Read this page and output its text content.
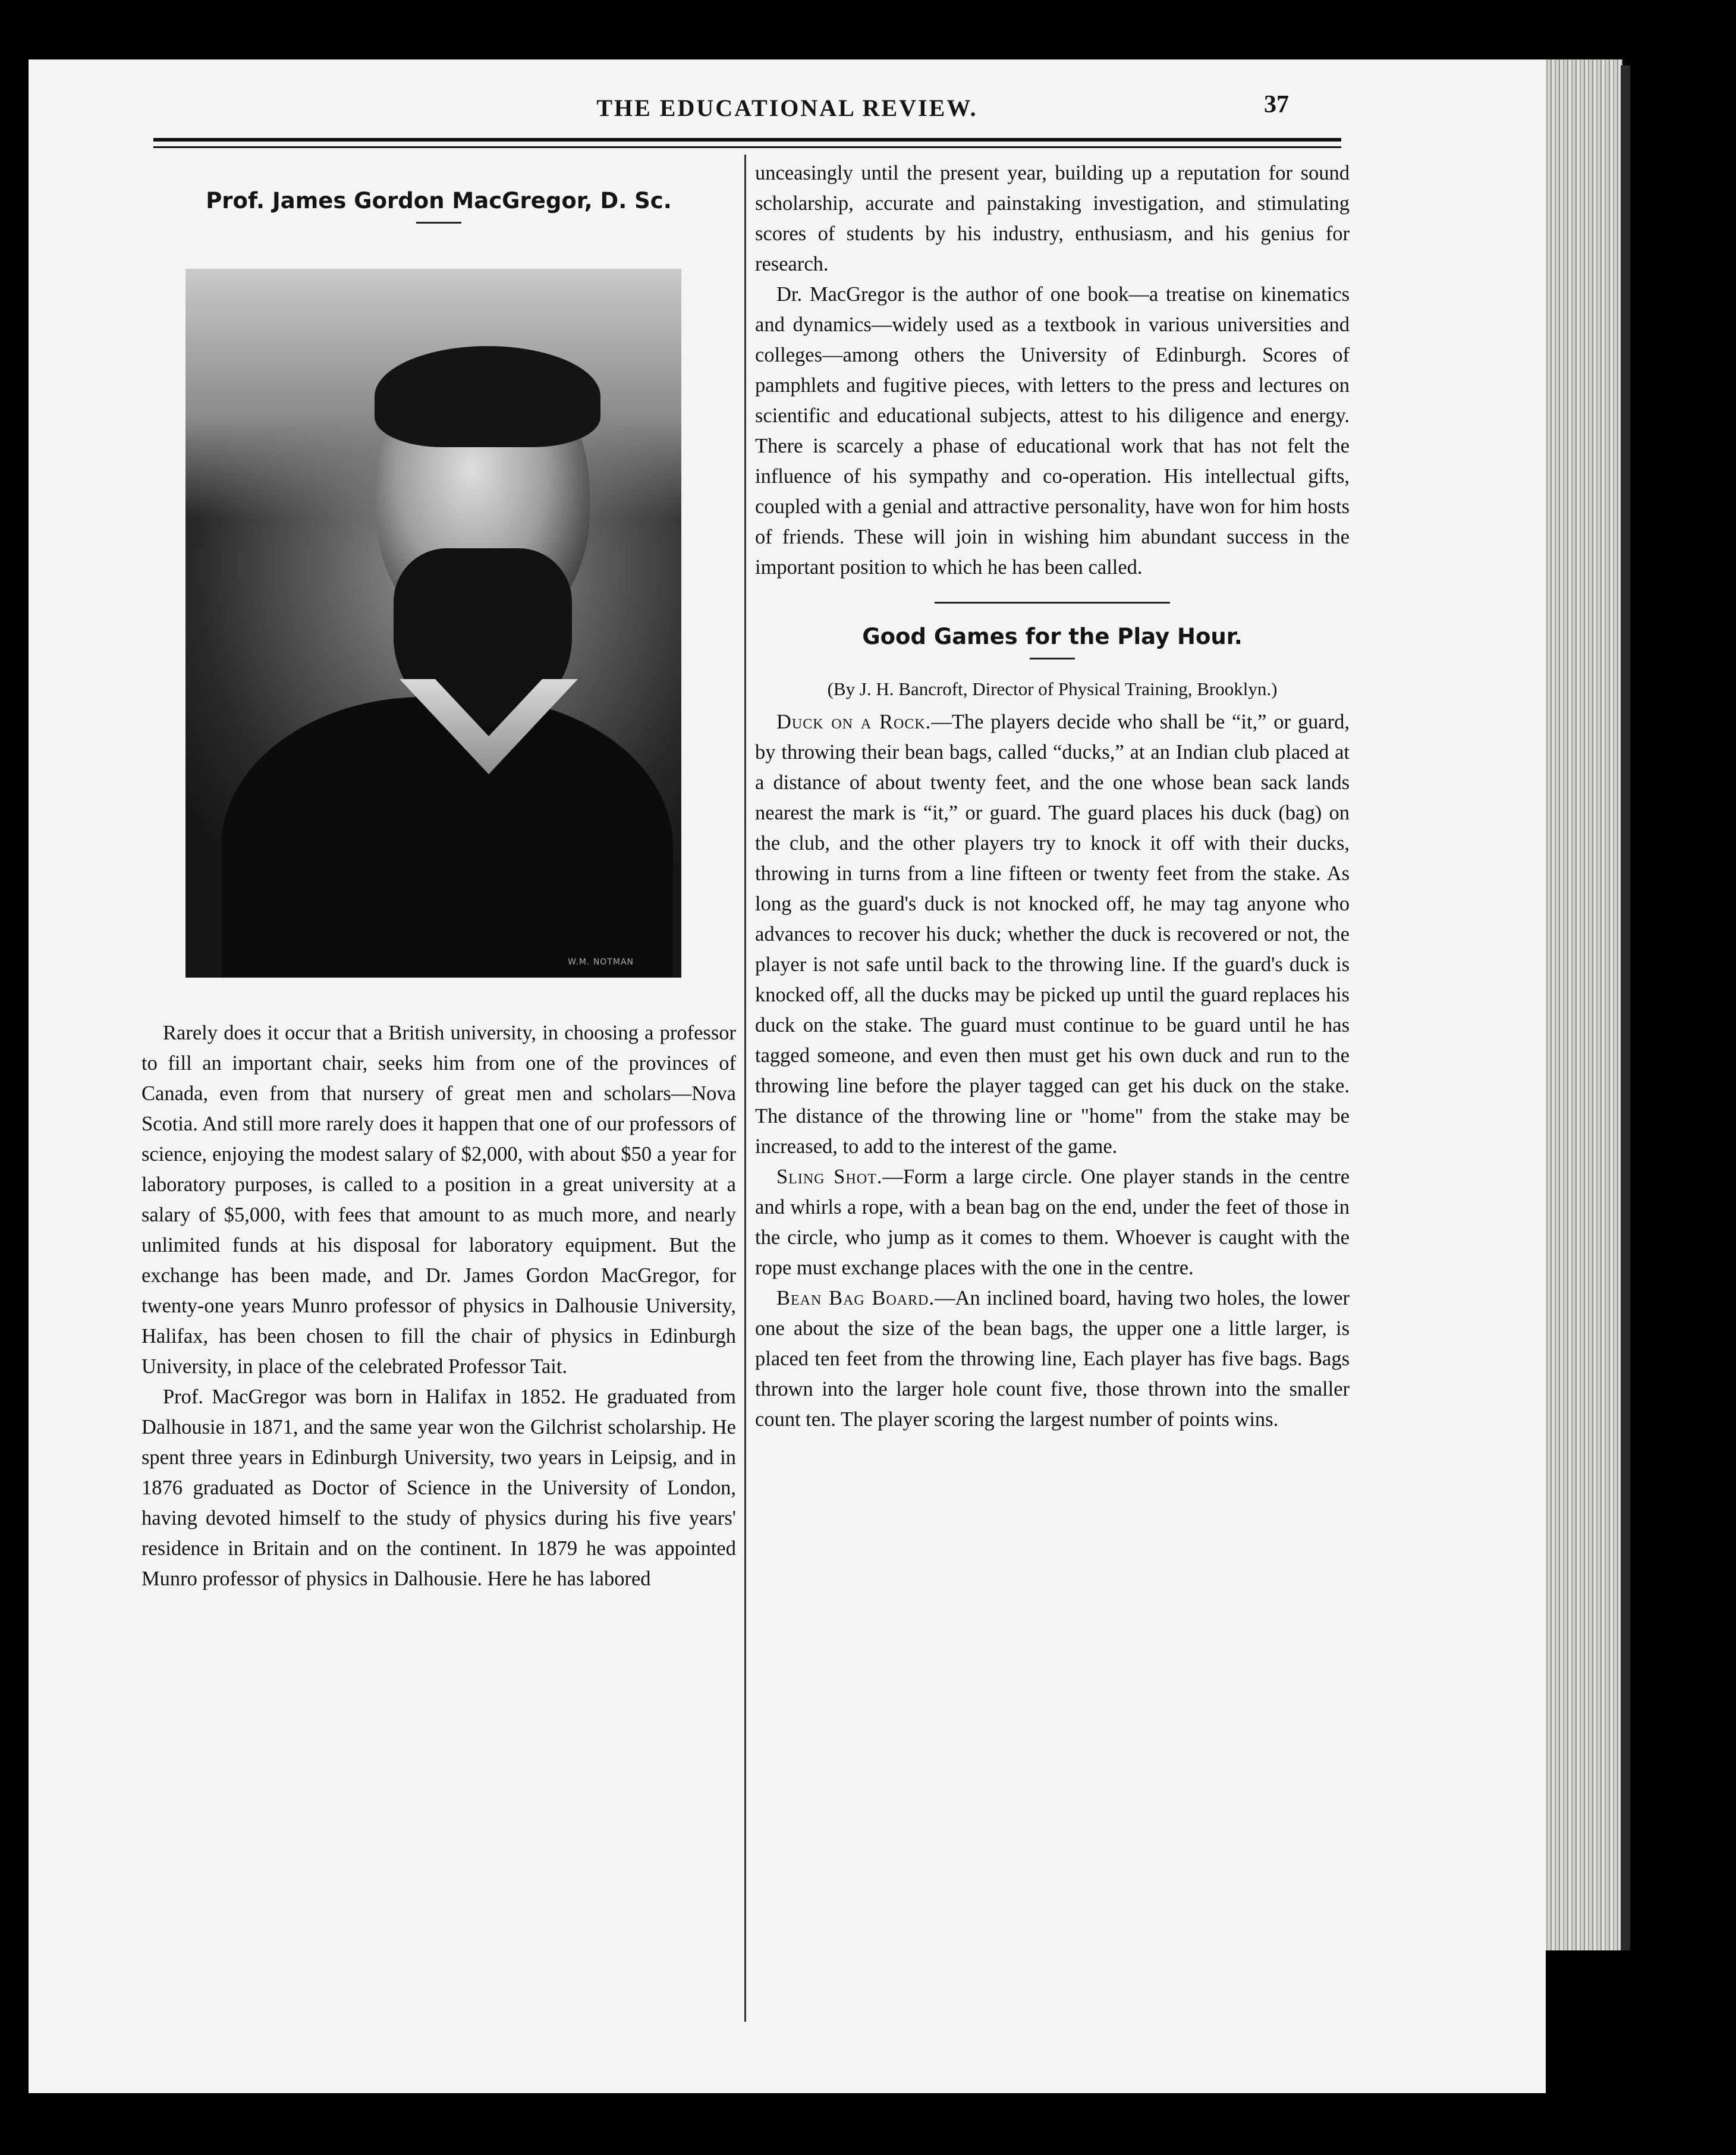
THE EDUCATIONAL REVIEW.	37
Prof. James Gordon MacGregor, D. Sc.
W.M. NOTMAN

Rarely does it occur that a British university, in choosing a professor to fill an important chair, seeks him from one of the provinces of Canada, even from that nursery of great men and scholars—Nova Scotia. And still more rarely does it happen that one of our professors of science, enjoying the modest salary of $2,000, with about $50 a year for laboratory purposes, is called to a position in a great university at a salary of $5,000, with fees that amount to as much more, and nearly unlimited funds at his disposal for laboratory equipment. But the exchange has been made, and Dr. James Gordon MacGregor, for twenty-one years Munro professor of physics in Dalhousie University, Halifax, has been chosen to fill the chair of physics in Edinburgh University, in place of the celebrated Professor Tait.

Prof. MacGregor was born in Halifax in 1852. He graduated from Dalhousie in 1871, and the same year won the Gilchrist scholarship. He spent three years in Edinburgh University, two years in Leipsig, and in 1876 graduated as Doctor of Science in the University of London, having devoted himself to the study of physics during his five years' residence in Britain and on the continent. In 1879 he was appointed Munro professor of physics in Dalhousie. Here he has labored

unceasingly until the present year, building up a reputation for sound scholarship, accurate and painstaking investigation, and stimulating scores of students by his industry, enthusiasm, and his genius for research.

Dr. MacGregor is the author of one book—a treatise on kinematics and dynamics—widely used as a textbook in various universities and colleges—among others the University of Edinburgh. Scores of pamphlets and fugitive pieces, with letters to the press and lectures on scientific and educational subjects, attest to his diligence and energy. There is scarcely a phase of educational work that has not felt the influence of his sympathy and co-operation. His intellectual gifts, coupled with a genial and attractive personality, have won for him hosts of friends. These will join in wishing him abundant success in the important position to which he has been called.

Good Games for the Play Hour.
(By J. H. Bancroft, Director of Physical Training, Brooklyn.)

Duck on a Rock.—The players decide who shall be “it,” or guard, by throwing their bean bags, called “ducks,” at an Indian club placed at a distance of about twenty feet, and the one whose bean sack lands nearest the mark is “it,” or guard. The guard places his duck (bag) on the club, and the other players try to knock it off with their ducks, throwing in turns from a line fifteen or twenty feet from the stake. As long as the guard's duck is not knocked off, he may tag anyone who advances to recover his duck; whether the duck is recovered or not, the player is not safe until back to the throwing line. If the guard's duck is knocked off, all the ducks may be picked up until the guard replaces his duck on the stake. The guard must continue to be guard until he has tagged someone, and even then must get his own duck and run to the throwing line before the player tagged can get his duck on the stake. The distance of the throwing line or "home" from the stake may be increased, to add to the interest of the game.

Sling Shot.—Form a large circle. One player stands in the centre and whirls a rope, with a bean bag on the end, under the feet of those in the circle, who jump as it comes to them. Whoever is caught with the rope must exchange places with the one in the centre.

Bean Bag Board.—An inclined board, having two holes, the lower one about the size of the bean bags, the upper one a little larger, is placed ten feet from the throwing line, Each player has five bags. Bags thrown into the larger hole count five, those thrown into the smaller count ten. The player scoring the largest number of points wins.
